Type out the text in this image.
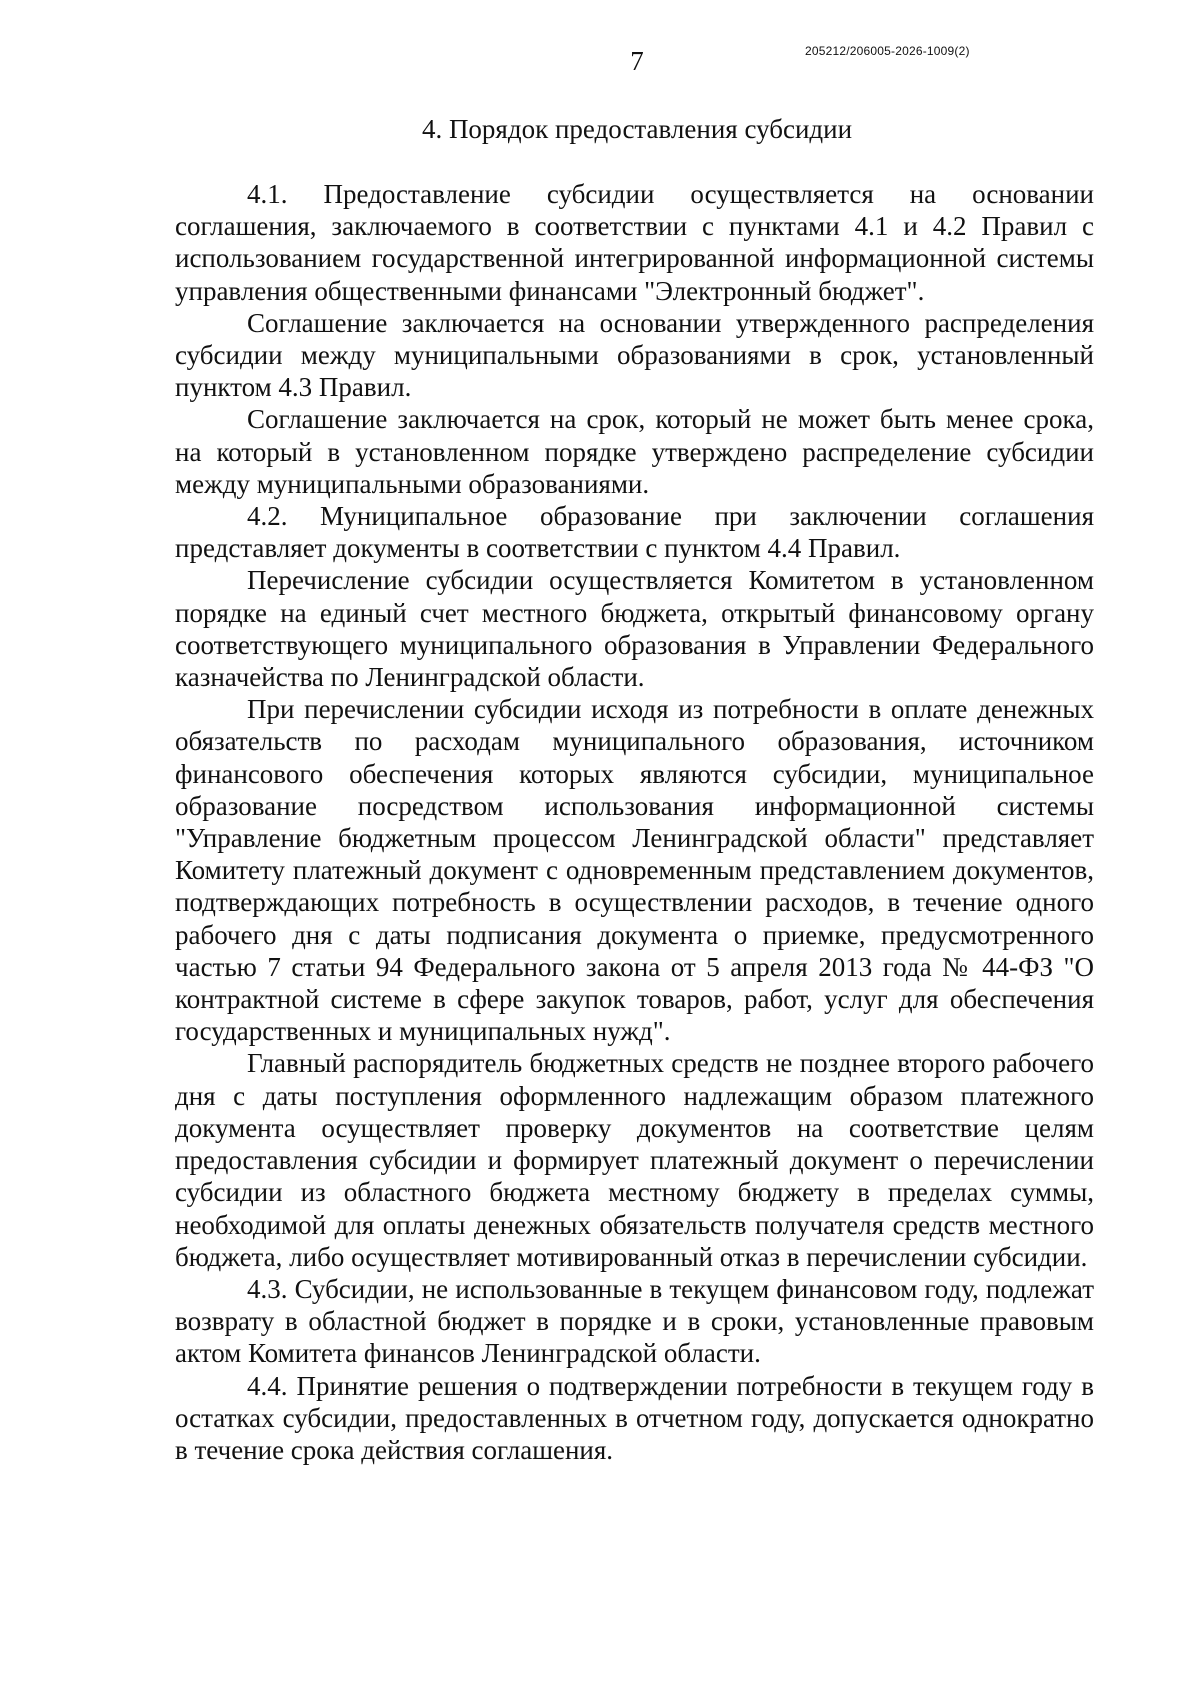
7	205212/206005-2026-1009(2)
4. Порядок предоставления субсидии

4.1. Предоставление субсидии осуществляется на основании соглашения, заключаемого в соответствии с пунктами 4.1 и 4.2 Правил с использованием государственной интегрированной информационной системы управления общественными финансами "Электронный бюджет".

Соглашение заключается на основании утвержденного распределения субсидии между муниципальными образованиями в срок, установленный пунктом 4.3 Правил.

Соглашение заключается на срок, который не может быть менее срока, на который в установленном порядке утверждено распределение субсидии между муниципальными образованиями.

4.2. Муниципальное образование при заключении соглашения представляет документы в соответствии с пунктом 4.4 Правил.

Перечисление субсидии осуществляется Комитетом в установленном порядке на единый счет местного бюджета, открытый финансовому органу соответствующего муниципального образования в Управлении Федерального казначейства по Ленинградской области.

При перечислении субсидии исходя из потребности в оплате денежных обязательств по расходам муниципального образования, источником финансового обеспечения которых являются субсидии, муниципальное образование посредством использования информационной системы "Управление бюджетным процессом Ленинградской области" представляет Комитету платежный документ с одновременным представлением документов, подтверждающих потребность в осуществлении расходов, в течение одного рабочего дня с даты подписания документа о приемке, предусмотренного частью 7 статьи 94 Федерального закона от 5 апреля 2013 года № 44-ФЗ "О контрактной системе в сфере закупок товаров, работ, услуг для обеспечения государственных и муниципальных нужд".

Главный распорядитель бюджетных средств не позднее второго рабочего дня с даты поступления оформленного надлежащим образом платежного документа осуществляет проверку документов на соответствие целям предоставления субсидии и формирует платежный документ о перечислении субсидии из областного бюджета местному бюджету в пределах суммы, необходимой для оплаты денежных обязательств получателя средств местного бюджета, либо осуществляет мотивированный отказ в перечислении субсидии.

4.3. Субсидии, не использованные в текущем финансовом году, подлежат возврату в областной бюджет в порядке и в сроки, установленные правовым актом Комитета финансов Ленинградской области.

4.4. Принятие решения о подтверждении потребности в текущем году в остатках субсидии, предоставленных в отчетном году, допускается однократно в течение срока действия соглашения.
